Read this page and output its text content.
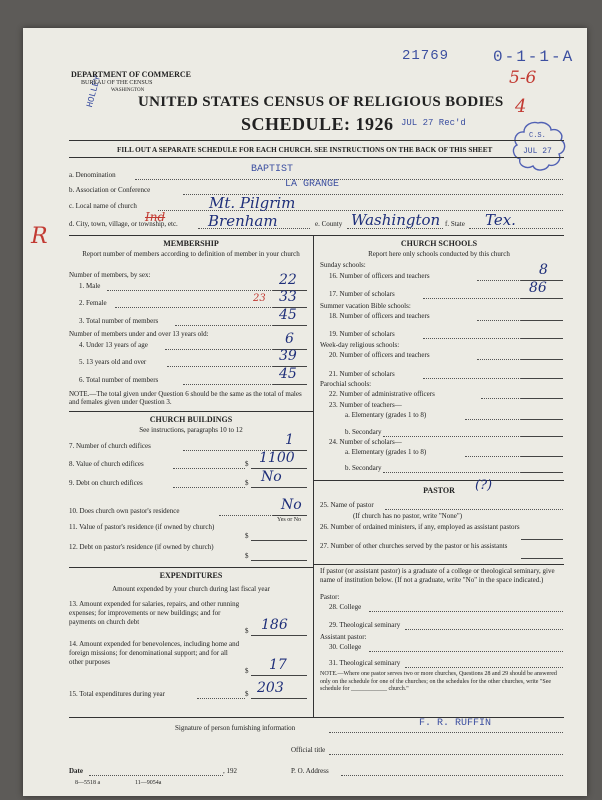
21769	0-1-1-A
5-6
4
HOLLEY
C.S.
JUL 27
DEPARTMENT OF COMMERCE
BUREAU OF THE CENSUS
WASHINGTON
UNITED STATES CENSUS OF RELIGIOUS BODIES
SCHEDULE: 1926 JUL 27 Rec'd
FILL OUT A SEPARATE SCHEDULE FOR EACH CHURCH. SEE INSTRUCTIONS ON THE BACK OF THIS SHEET
R
a. Denomination	BAPTIST
b. Association or Conference	LA GRANGE
c. Local name of church	Mt. Pilgrim
d. City, town, village, or township, etc.
Ind	Brenham	e. County Washington f. State Tex.
MEMBERSHIP
Report number of members according to definition of member in your church
Number of members, by sex:
1. Male	22
2. Female	23 33
3. Total number of members	45
Number of members under and over 13 years old:
4. Under 13 years of age	6
5. 13 years old and over	39
6. Total number of members	45
NOTE.—The total given under Question 6 should be the same as the total of males and females given under Question 3.
CHURCH BUILDINGS
See instructions, paragraphs 10 to 12
7. Number of church edifices	1
8. Value of church edifices	$ 1100
9. Debt on church edifices	$ No
10. Does church own pastor's residence	No
Yes or No
11. Value of pastor's residence (if owned by church)
$
12. Debt on pastor's residence (if owned by church)
$
EXPENDITURES
Amount expended by your church during last fiscal year
13. Amount expended for salaries, repairs, and other running expenses; for improvements or new buildings; and for payments on church debt
$ 186
14. Amount expended for benevolences, including home and foreign missions; for denominational support; and for all other purposes
$ 17
15. Total expenditures during year	$ 203
CHURCH SCHOOLS
Report here only schools conducted by this church
Sunday schools:
16. Number of officers and teachers	8
17. Number of scholars	86
Summer vacation Bible schools:
18. Number of officers and teachers
19. Number of scholars
Week-day religious schools:
20. Number of officers and teachers
21. Number of scholars
Parochial schools:
22. Number of administrative officers
23. Number of teachers—
a. Elementary (grades 1 to 8)
b. Secondary
24. Number of scholars—
a. Elementary (grades 1 to 8)
b. Secondary
PASTOR	(?)
25. Name of pastor
(If church has no pastor, write "None")
26. Number of ordained ministers, if any, employed as assistant pastors
27. Number of other churches served by the pastor or his assistants
If pastor (or assistant pastor) is a graduate of a college or theological seminary, give name of institution below. (If not a graduate, write "No" in the space indicated.)
Pastor:
28. College
29. Theological seminary
Assistant pastor:
30. College
31. Theological seminary
NOTE.—Where one pastor serves two or more churches, Questions 28 and 29 should be answered only on the schedule for one of the churches; on the schedules for the other churches, write "See schedule for ____________ church."
Signature of person furnishing information	F. R. RUFFIN
Official title
Date	, 192	P. O. Address
8—5518 a	11—9054a
